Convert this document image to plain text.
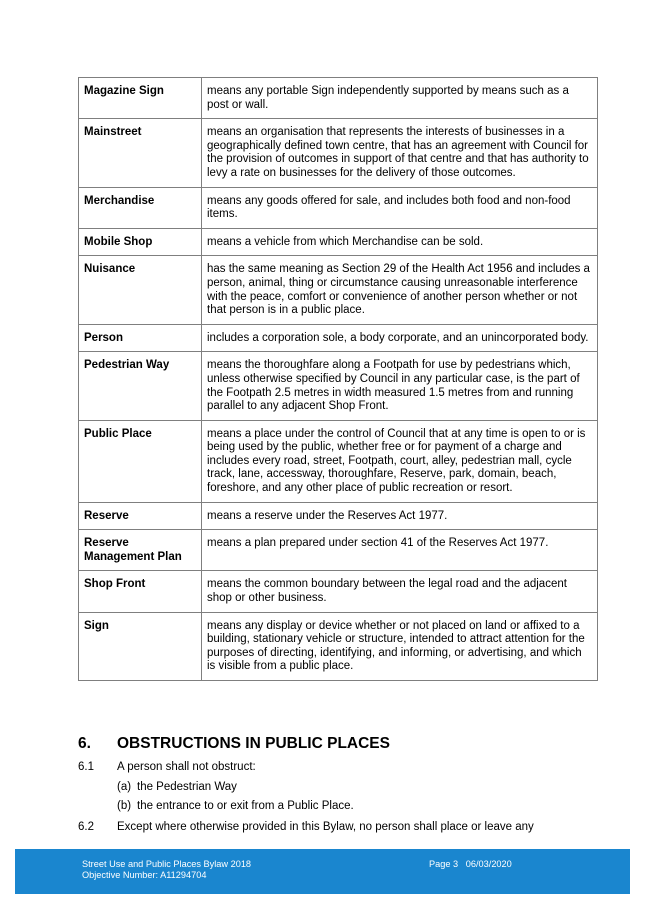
Magazine Sign	means any portable Sign independently supported by means such as a post or wall.
Mainstreet	means an organisation that represents the interests of businesses in a geographically defined town centre, that has an agreement with Council for the provision of outcomes in support of that centre and that has authority to levy a rate on businesses for the delivery of those outcomes.
Merchandise	means any goods offered for sale, and includes both food and non-food items.
Mobile Shop	means a vehicle from which Merchandise can be sold.
Nuisance	has the same meaning as Section 29 of the Health Act 1956 and includes a person, animal, thing or circumstance causing unreasonable interference with the peace, comfort or convenience of another person whether or not that person is in a public place.
Person	includes a corporation sole, a body corporate, and an unincorporated body.
Pedestrian Way	means the thoroughfare along a Footpath for use by pedestrians which, unless otherwise specified by Council in any particular case, is the part of the Footpath 2.5 metres in width measured 1.5 metres from and running parallel to any adjacent Shop Front.
Public Place	means a place under the control of Council that at any time is open to or is being used by the public, whether free or for payment of a charge and includes every road, street, Footpath, court, alley, pedestrian mall, cycle track, lane, accessway, thoroughfare, Reserve, park, domain, beach, foreshore, and any other place of public recreation or resort.
Reserve	means a reserve under the Reserves Act 1977.
Reserve Management Plan	means a plan prepared under section 41 of the Reserves Act 1977.
Shop Front	means the common boundary between the legal road and the adjacent shop or other business.
Sign	means any display or device whether or not placed on land or affixed to a building, stationary vehicle or structure, intended to attract attention for the purposes of directing, identifying, and informing, or advertising, and which is visible from a public place.
6. OBSTRUCTIONS IN PUBLIC PLACES
6.1 A person shall not obstruct:
(a) the Pedestrian Way
(b) the entrance to or exit from a Public Place.
6.2 Except where otherwise provided in this Bylaw, no person shall place or leave any
Street Use and Public Places Bylaw 2018
Objective Number: A11294704
Page 3   06/03/2020
